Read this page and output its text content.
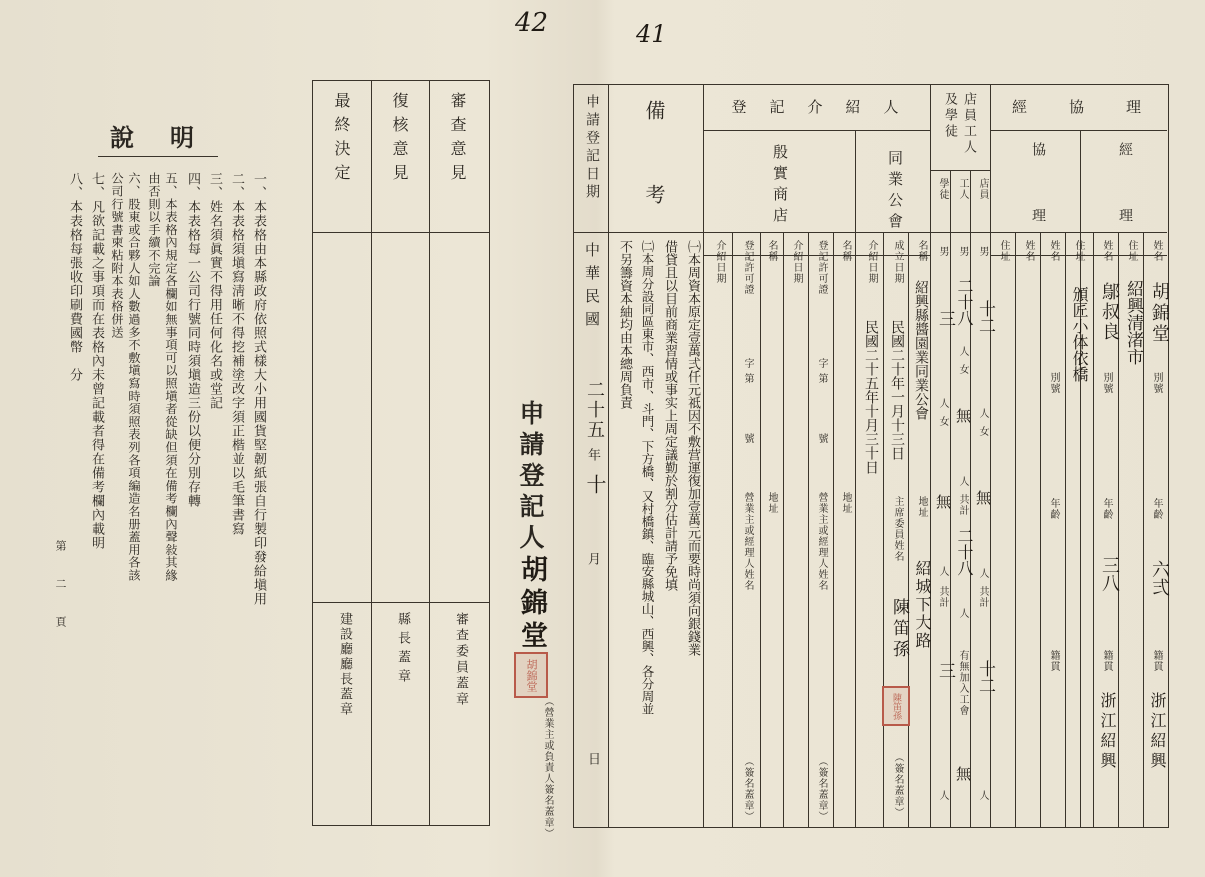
42	41
說　明
一、本表格由本縣政府依照式樣大小用國貨堅韌紙張自行製印發給塡用
二、本表格須塡寫淸晰不得挖補塗改字須正楷並以毛筆書寫
三、姓名須眞實不得用任何化名或堂記
四、本表格每一公司行號同時須塡造三份以便分別存轉
五、本表格內規定各欄如無事項可以照塡者從缺但須在備考欄內聲敍其緣由否則以手續不完論
六、股東或合夥人如人數過多不敷塡寫時須照表列各項編造名册蓋用各該公司行號書柬粘附本表格併送
七、凡欲記載之事項而在表格內未曾記載者得在備考欄內載明
八、本表格每張收印刷費國幣　分
第　二　頁
審查意見
復核意見
最終決定
審查委員蓋章
縣長蓋章
建設廳廳長蓋章
申請登記人
胡錦堂
胡錦堂
（營業主或負責人簽名蓋章）
申請登記日期
中華民國
二十五
年
十
月
日
備　考
㈠本周資本原定壹萬弍仟元祗因不敷营運復加壹萬元而要時尚須向銀錢業
借貸且以目前商業習情或事实上周定議勤於割分估計請予免填
㈡本周分設同區東市、西市、斗門、下方橋、又村橋鎮、臨安縣城山、西興、各分周並
不另籌資本紬均由本總周負責
登　記　介　紹　人
殷實商店
介紹日期 登記許可證
字第　　　號
營業主或經理人姓名
（簽名蓋章）
名稱
地址
介紹日期 登記許可證
字第　　　號
營業主或經理人姓名
（簽名蓋章）
名稱
地址
同業公會
介紹日期
民國二十五年十月三十日
成立日期
民國二十年一月十三日
主席委員姓名
陳笛孫
陳笛孫
（簽名蓋章）
名稱
紹興縣醬園業同業公會
地址
紹城下大路
店員工人及學徒
學徒 工人 店員
男
三
人
女
無
人
共計
三
人
男
二十八
人
女
無
人
共計
二十八
人
有無加入工會
無
男
十二
人
女
無
人
共計
十二
人
經　　協　　理
協　　理	經　　理
住址 姓名
別號
年齡
籍貫
姓名 住址
頒匠小体依橋
姓名
鄔叔良
別號
年齡
三八
籍貫
浙江紹興
住址
紹興清渚市
姓名
胡錦堂
別號
年齡
六弍
籍貫
浙江紹興
